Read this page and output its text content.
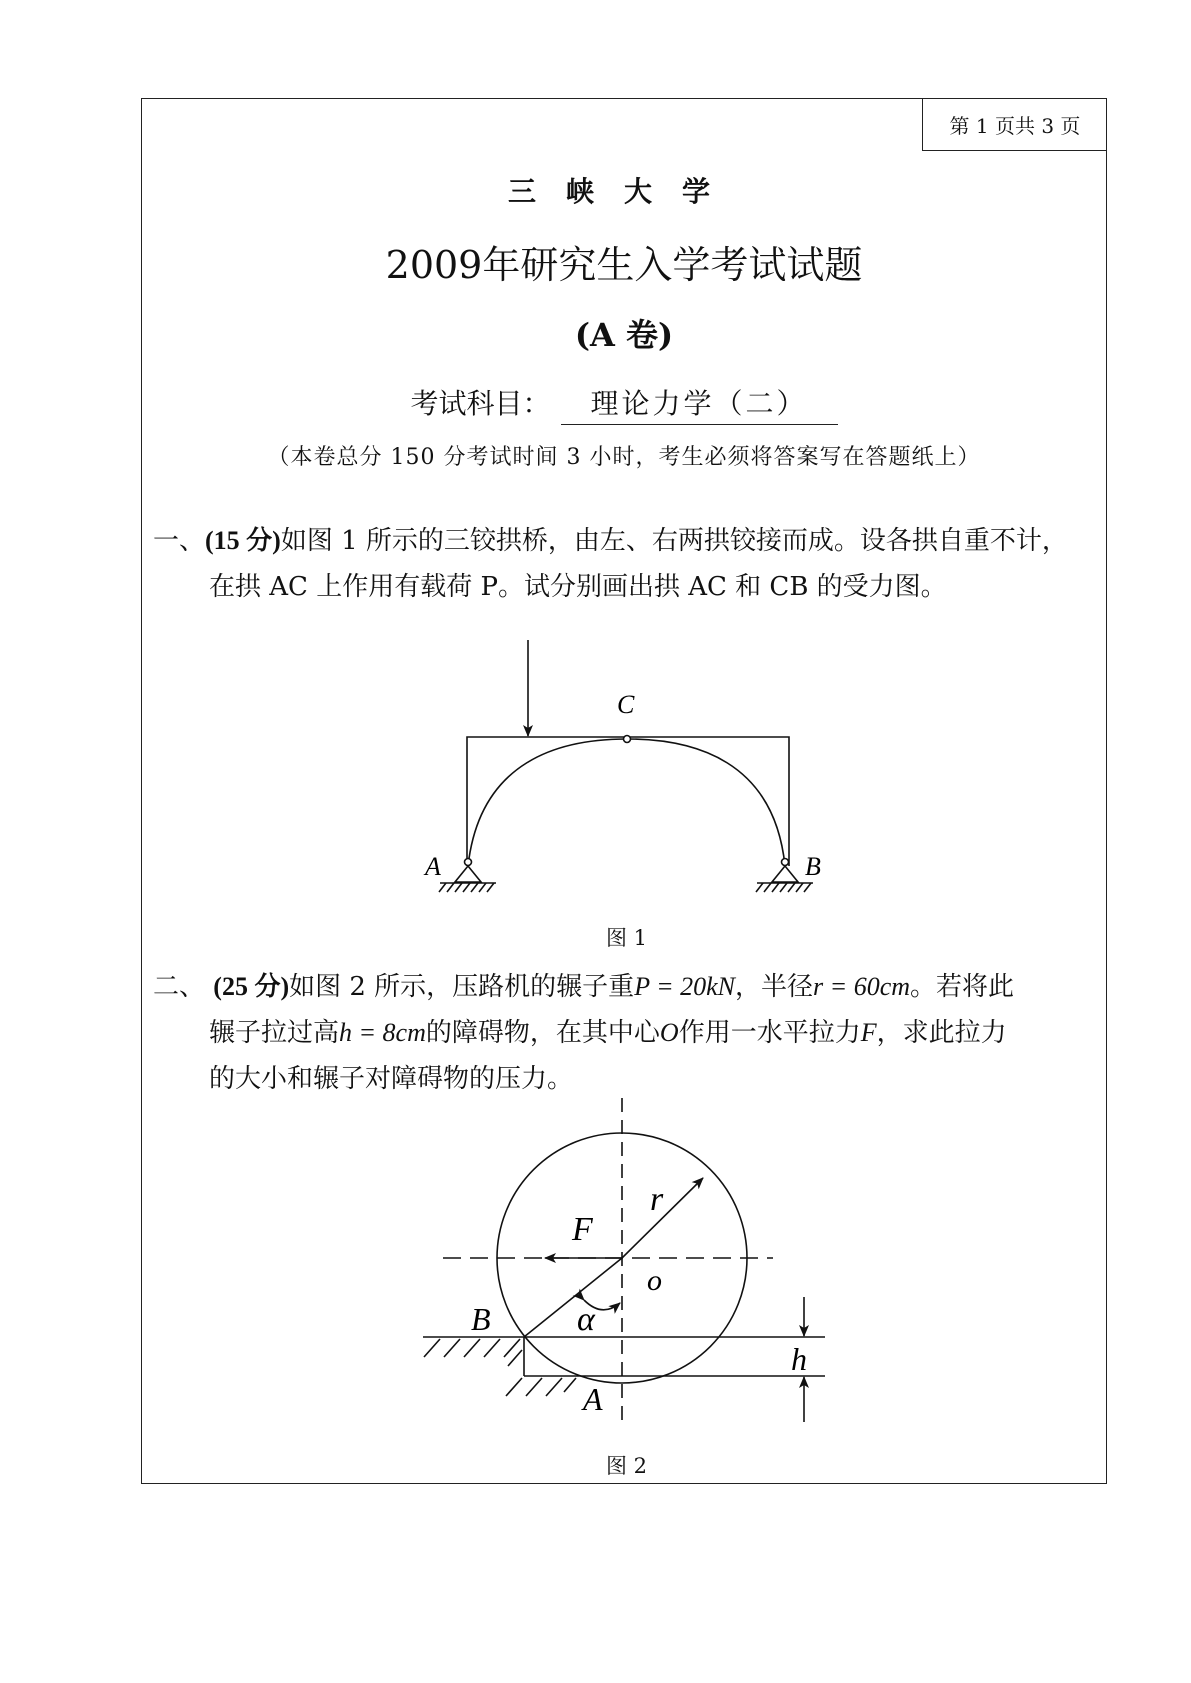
第 1 页共 3 页
三峡大学
2009年研究生入学考试试题
(A 卷)
考试科目： 理论力学（二）
（本卷总分 150 分考试时间 3 小时，考生必须将答案写在答题纸上）
一、(15 分)如图 1 所示的三铰拱桥，由左、右两拱铰接而成。设各拱自重不计，
在拱 AC 上作用有载荷 P。试分别画出拱 AC 和 CB 的受力图。
二、 (25 分)如图 2 所示，压路机的辗子重P = 20kN，半径r = 60cm。若将此
辗子拉过高h = 8cm的障碍物，在其中心O作用一水平拉力F，求此拉力
的大小和辗子对障碍物的压力。
图 1
图 2
C
A	B
F
r
o
α
B
A
h
